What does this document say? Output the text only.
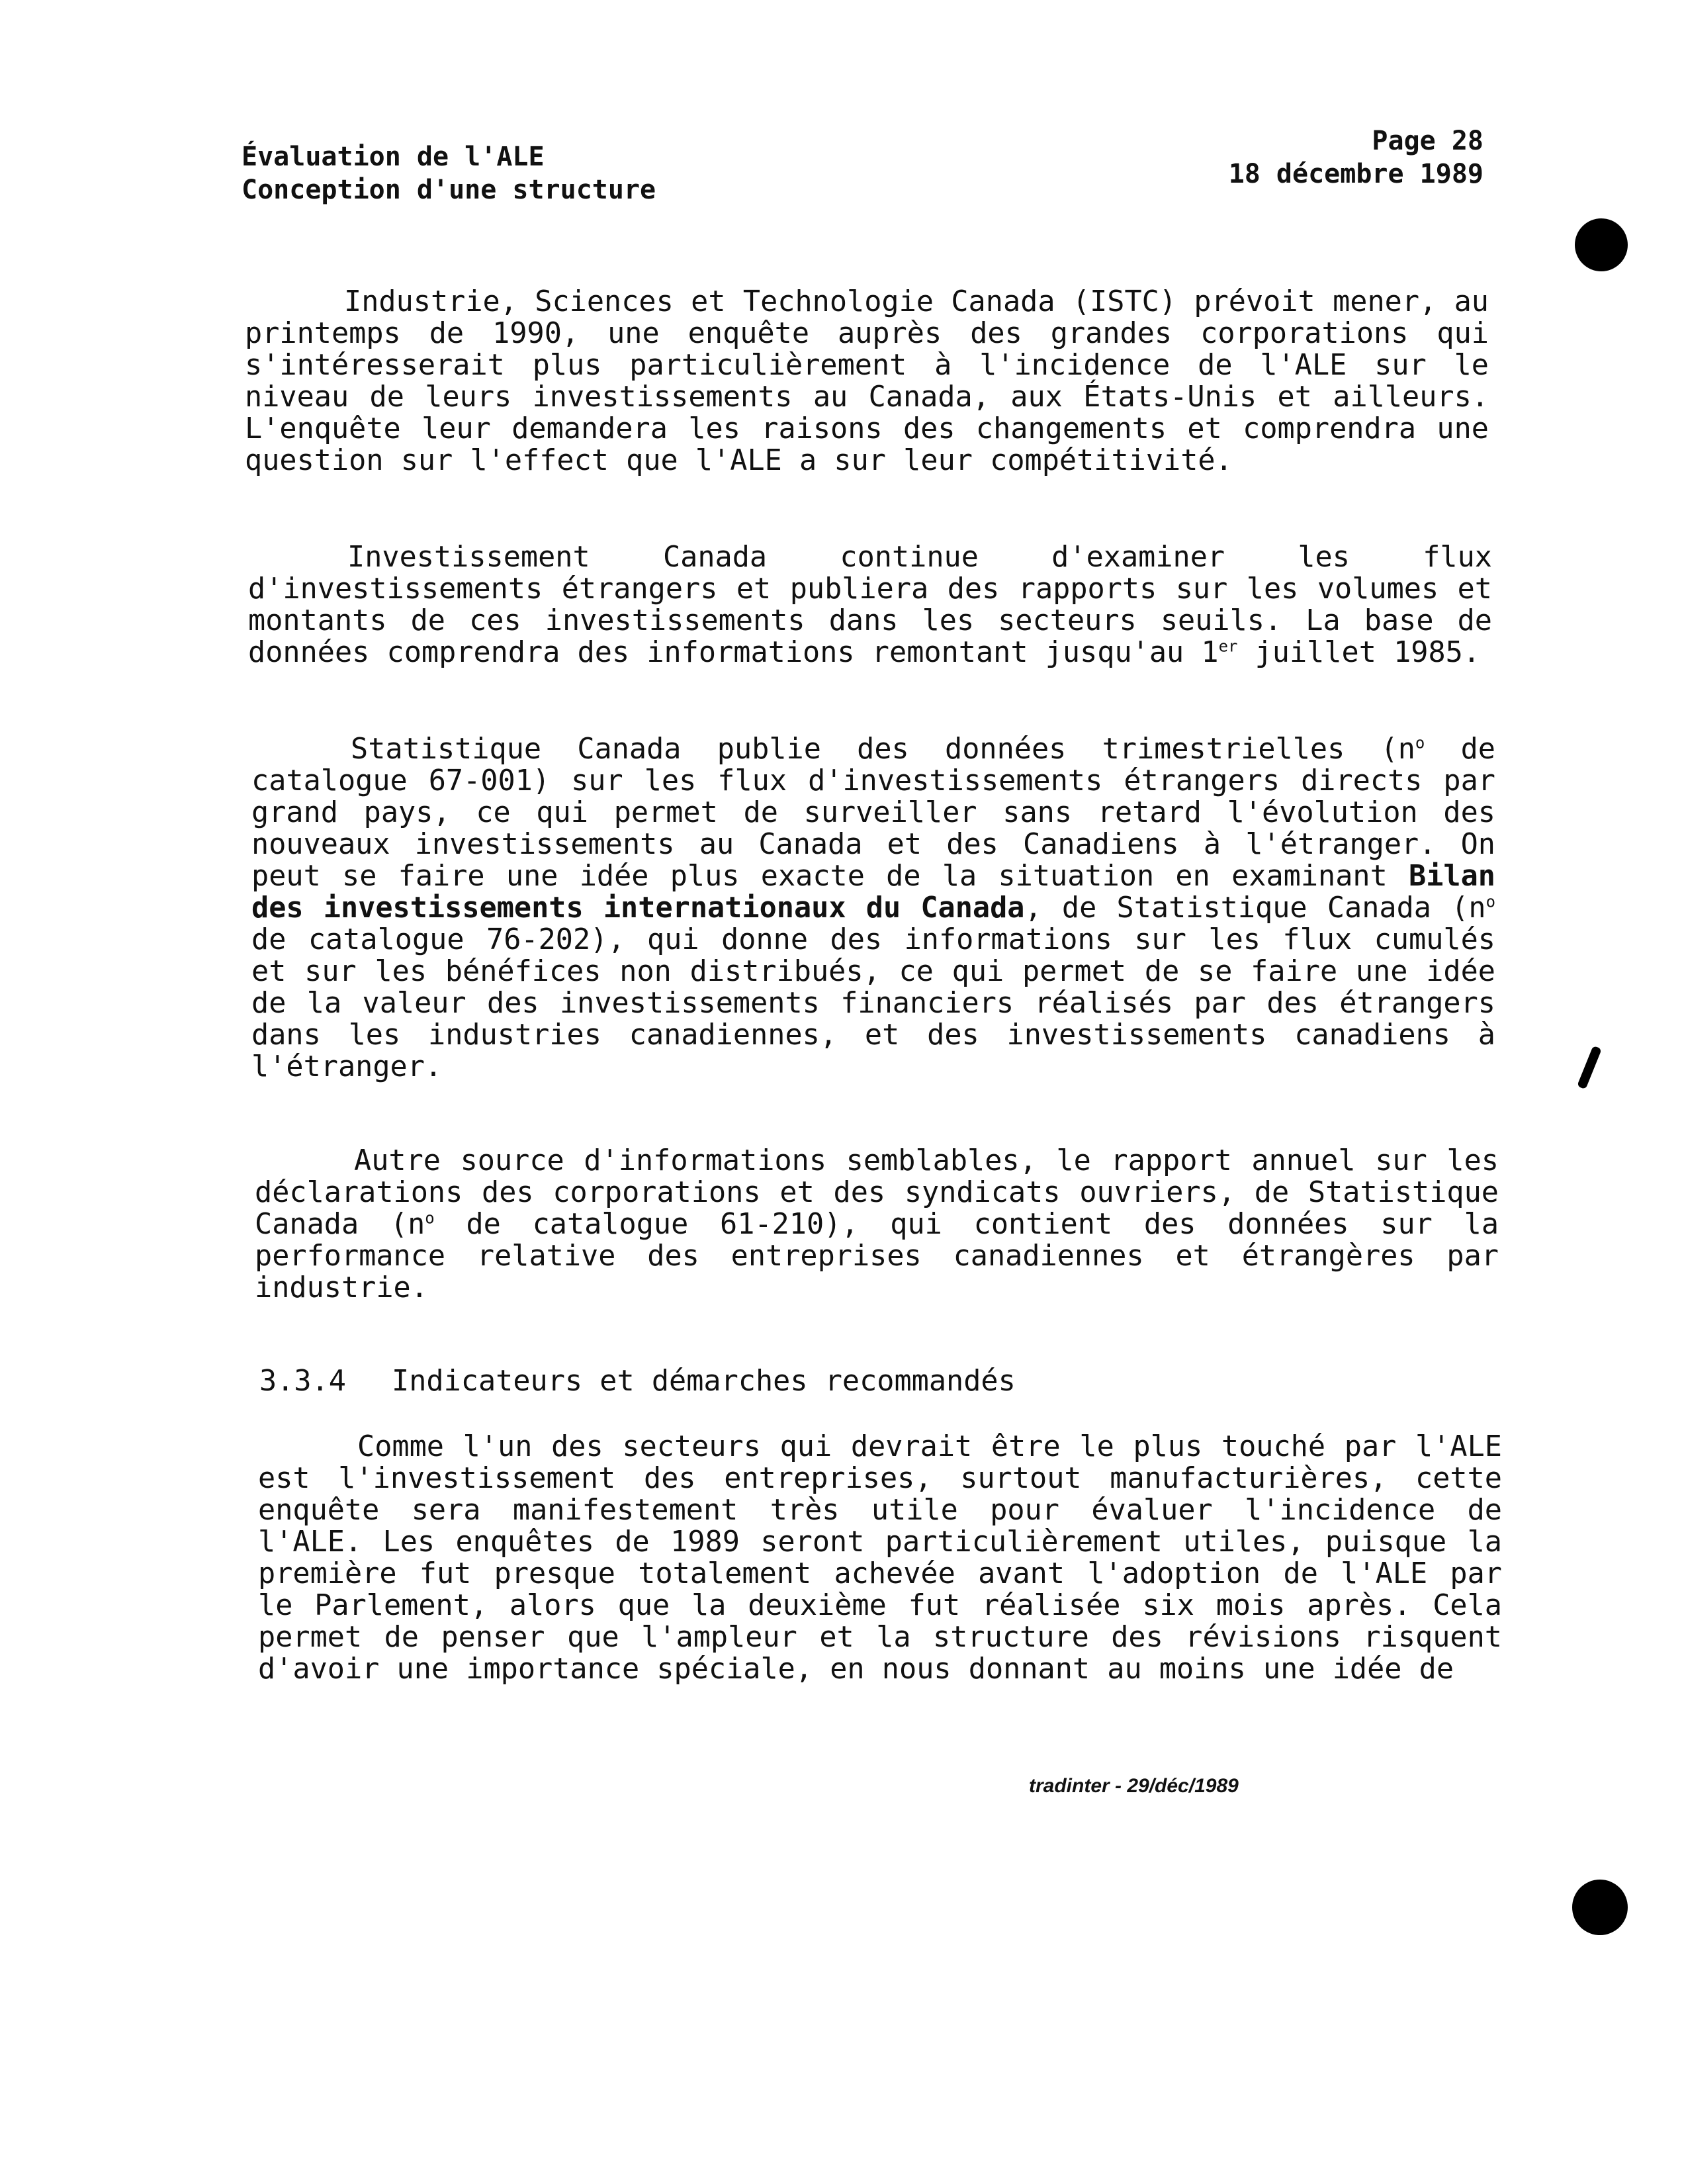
Évaluation de l'ALE
Conception d'une structure
Page 28
18 décembre 1989
Industrie, Sciences et Technologie Canada (ISTC) prévoit mener, au printemps de 1990, une enquête auprès des grandes corporations qui s'intéresserait plus particulièrement à l'incidence de l'ALE sur le niveau de leurs investissements au Canada, aux États-Unis et ailleurs. L'enquête leur demandera les raisons des changements et comprendra une question sur l'effect que l'ALE a sur leur compétitivité.
Investissement Canada continue d'examiner les flux d'investissements étrangers et publiera des rapports sur les volumes et montants de ces investissements dans les secteurs seuils. La base de données comprendra des informations remontant jusqu'au 1er juillet 1985.
Statistique Canada publie des données trimestrielles ($n^o$ de catalogue 67-001) sur les flux d'investissements étrangers directs par grand pays, ce qui permet de surveiller sans retard l'évolution des nouveaux investissements au Canada et des Canadiens à l'étranger. On peut se faire une idée plus exacte de la situation en examinant Bilan des investissements internationaux du Canada, de Statistique Canada ($n^o$ de catalogue 76-202), qui donne des informations sur les flux cumulés et sur les bénéfices non distribués, ce qui permet de se faire une idée de la valeur des investissements financiers réalisés par des étrangers dans les industries canadiennes, et des investissements canadiens à l'étranger.
Autre source d'informations semblables, le rapport annuel sur les déclarations des corporations et des syndicats ouvriers, de Statistique Canada ($n^o$ de catalogue 61-210), qui contient des données sur la performance relative des entreprises canadiennes et étrangères par industrie.
3.3.4 Indicateurs et démarches recommandés
Comme l'un des secteurs qui devrait être le plus touché par l'ALE est l'investissement des entreprises, surtout manufacturières, cette enquête sera manifestement très utile pour évaluer l'incidence de l'ALE. Les enquêtes de 1989 seront particulièrement utiles, puisque la première fut presque totalement achevée avant l'adoption de l'ALE par le Parlement, alors que la deuxième fut réalisée six mois après. Cela permet de penser que l'ampleur et la structure des révisions risquent d'avoir une importance spéciale, en nous donnant au moins une idée de
tradinter - 29/déc/1989
